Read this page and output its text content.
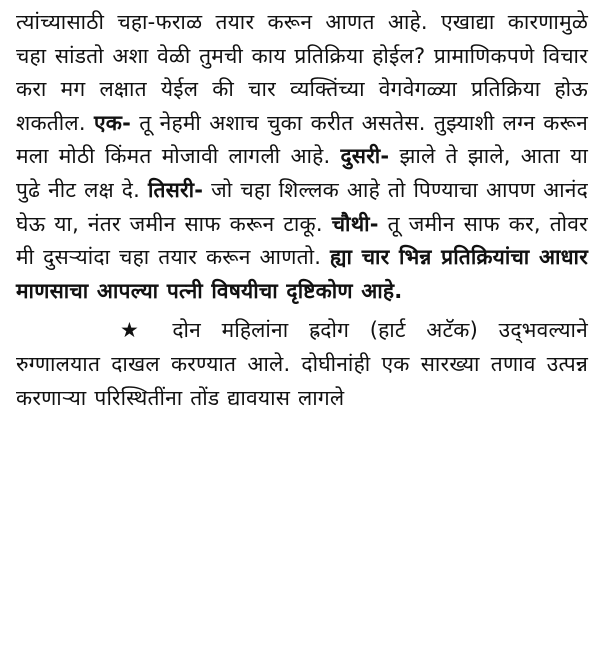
त्यांच्यासाठी चहा-फराळ तयार करून आणत आहे. एखाद्या कारणामुळे चहा सांडतो अशा वेळी तुमची काय प्रतिक्रिया होईल? प्रामाणिकपणे विचार करा मग लक्षात येईल की चार व्यक्तिंच्या वेगवेगळ्या प्रतिक्रिया होऊ शकतील. एक- तू नेहमी अशाच चुका करीत असतेस. तुझ्याशी लग्न करून मला मोठी किंमत मोजावी लागली आहे. दुसरी- झाले ते झाले, आता या पुढे नीट लक्ष दे. तिसरी- जो चहा शिल्लक आहे तो पिण्याचा आपण आनंद घेऊ या, नंतर जमीन साफ करून टाकू. चौथी- तू जमीन साफ कर, तोवर मी दुसऱ्यांदा चहा तयार करून आणतो. ह्या चार भिन्न प्रतिक्रियांचा आधार माणसाचा आपल्या पत्नी विषयीचा दृष्टिकोण आहे.

★ दोन महिलांना ह्रदोग (हार्ट अटॅक) उद्‌भवल्याने रुग्णालयात दाखल करण्यात आले. दोघीनांही एक सारख्या तणाव उत्पन्न करणाऱ्या परिस्थितींना तोंड द्यावयास लागले
